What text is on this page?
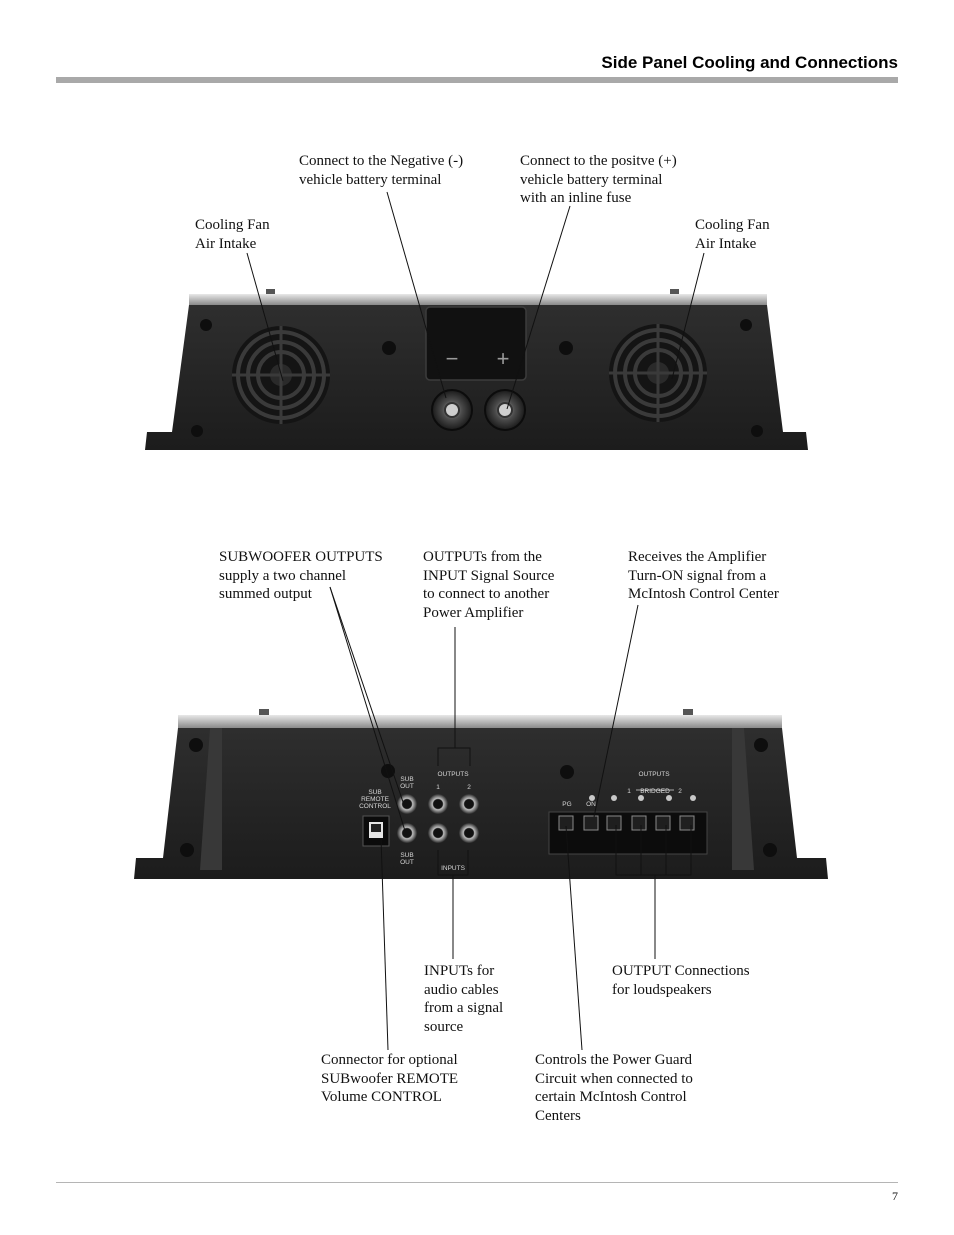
Side Panel Cooling and Connections
Cooling Fan
Air Intake
Connect to the Negative (-)
vehicle battery terminal
Connect to the positve (+)
vehicle battery terminal
with an inline fuse
Cooling Fan
Air Intake
SUBWOOFER OUTPUTS
supply a two channel
summed output
OUTPUTs from the
INPUT Signal Source
to connect to another
Power Amplifier
Receives the Amplifier
Turn-ON signal from a
McIntosh Control Center
INPUTs for
audio cables
from a signal
source
OUTPUT Connections
for loudspeakers
Connector for optional
SUBwoofer REMOTE
Volume CONTROL
Controls the Power Guard
Circuit when connected to
certain McIntosh Control
Centers
− +
SUB
REMOTE
CONTROL
SUB
OUT
SUB
OUT
OUTPUTS
1	2
INPUTS
PG ON
OUTPUTS
1 BRIDGED 2
7
